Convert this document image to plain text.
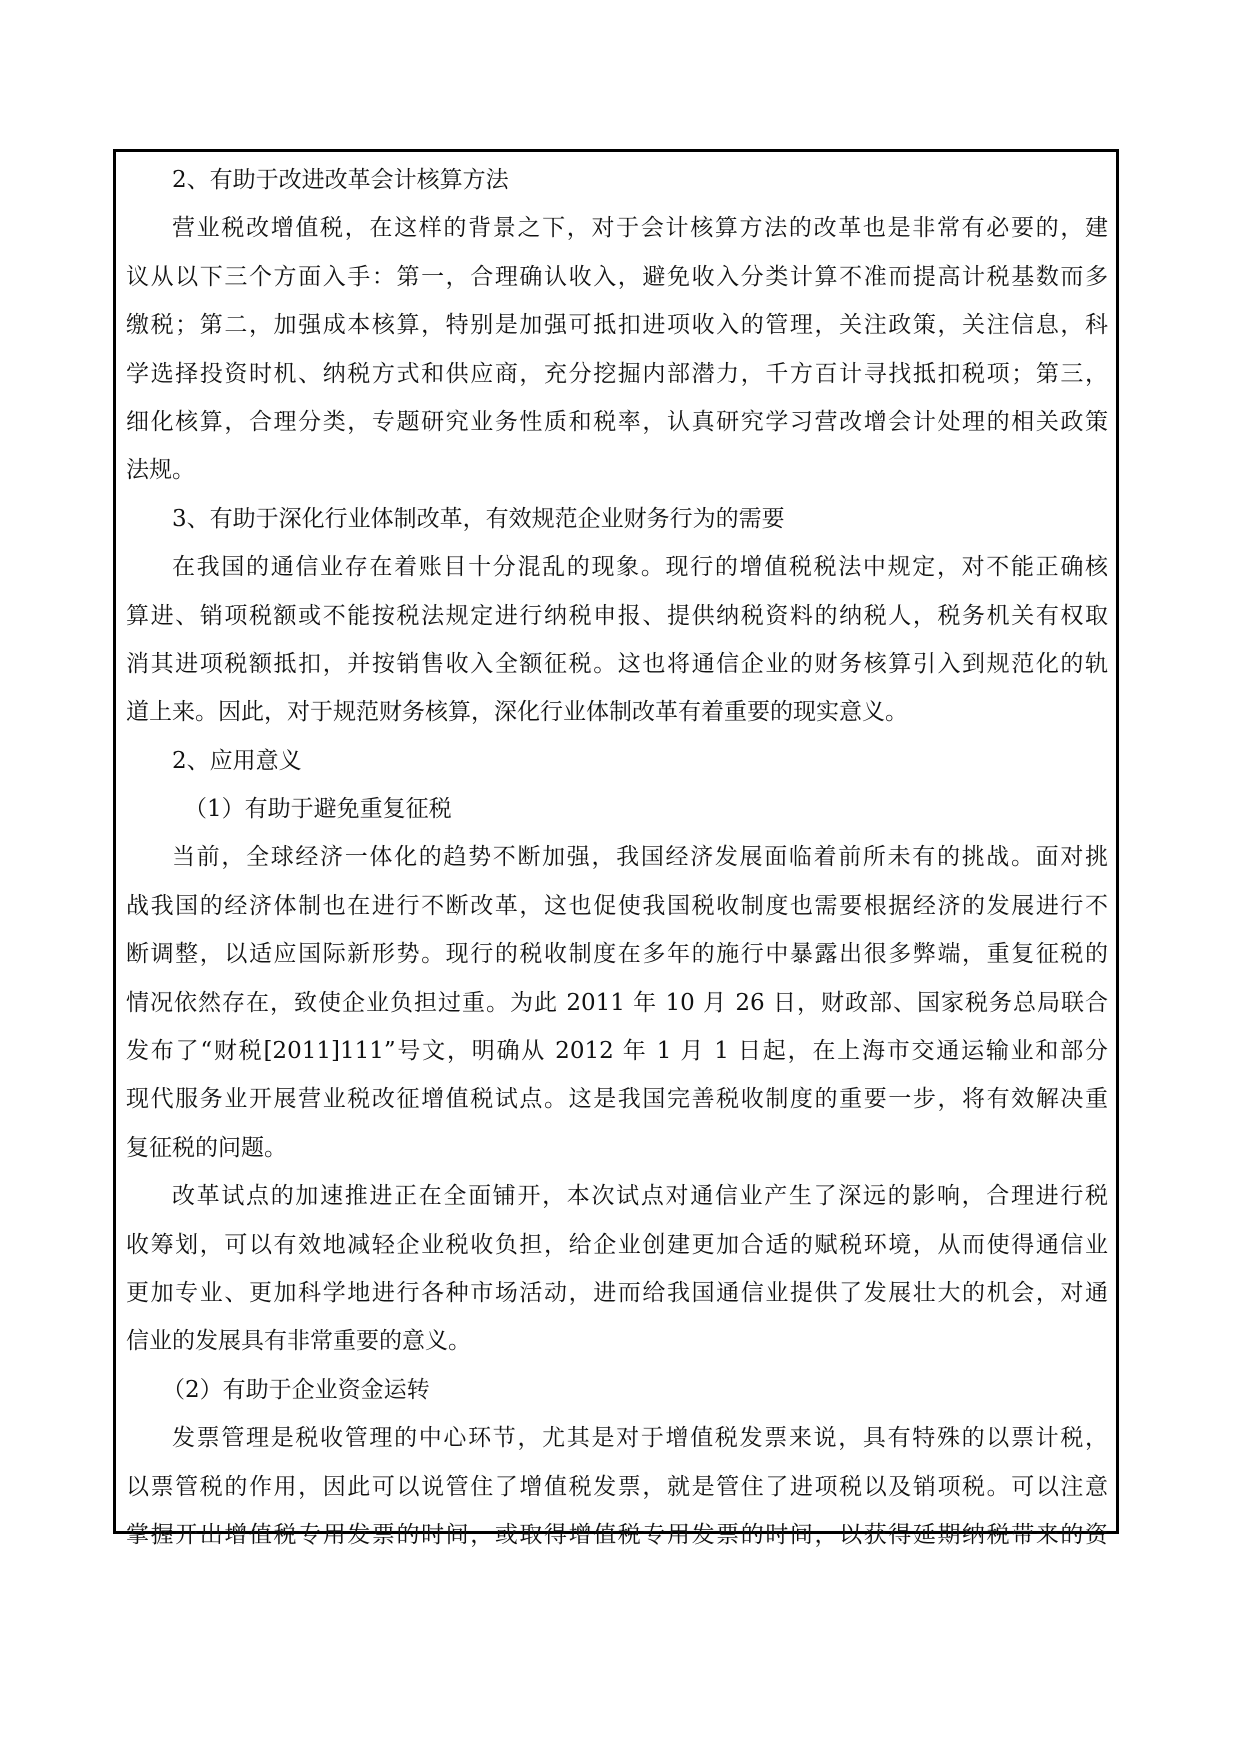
2、有助于改进改革会计核算方法
营业税改增值税，在这样的背景之下，对于会计核算方法的改革也是非常有必要的，建
议从以下三个方面入手：第一，合理确认收入，避免收入分类计算不准而提高计税基数而多
缴税；第二，加强成本核算，特别是加强可抵扣进项收入的管理，关注政策，关注信息，科
学选择投资时机、纳税方式和供应商，充分挖掘内部潜力，千方百计寻找抵扣税项；第三，
细化核算，合理分类，专题研究业务性质和税率，认真研究学习营改增会计处理的相关政策
法规。
3、有助于深化行业体制改革，有效规范企业财务行为的需要
在我国的通信业存在着账目十分混乱的现象。现行的增值税税法中规定，对不能正确核
算进、销项税额或不能按税法规定进行纳税申报、提供纳税资料的纳税人，税务机关有权取
消其进项税额抵扣，并按销售收入全额征税。这也将通信企业的财务核算引入到规范化的轨
道上来。因此，对于规范财务核算，深化行业体制改革有着重要的现实意义。
2、应用意义
（1）有助于避免重复征税
当前，全球经济一体化的趋势不断加强，我国经济发展面临着前所未有的挑战。面对挑
战我国的经济体制也在进行不断改革，这也促使我国税收制度也需要根据经济的发展进行不
断调整，以适应国际新形势。现行的税收制度在多年的施行中暴露出很多弊端，重复征税的
情况依然存在，致使企业负担过重。为此 2011 年 10 月 26 日，财政部、国家税务总局联合
发布了“财税[2011]111”号文，明确从 2012 年 1 月 1 日起，在上海市交通运输业和部分
现代服务业开展营业税改征增值税试点。这是我国完善税收制度的重要一步，将有效解决重
复征税的问题。
改革试点的加速推进正在全面铺开，本次试点对通信业产生了深远的影响，合理进行税
收筹划，可以有效地减轻企业税收负担，给企业创建更加合适的赋税环境，从而使得通信业
更加专业、更加科学地进行各种市场活动，进而给我国通信业提供了发展壮大的机会，对通
信业的发展具有非常重要的意义。
（2）有助于企业资金运转
发票管理是税收管理的中心环节，尤其是对于增值税发票来说，具有特殊的以票计税，
以票管税的作用，因此可以说管住了增值税发票，就是管住了进项税以及销项税。可以注意
掌握开出增值税专用发票的时间，或取得增值税专用发票的时间，以获得延期纳税带来的资
